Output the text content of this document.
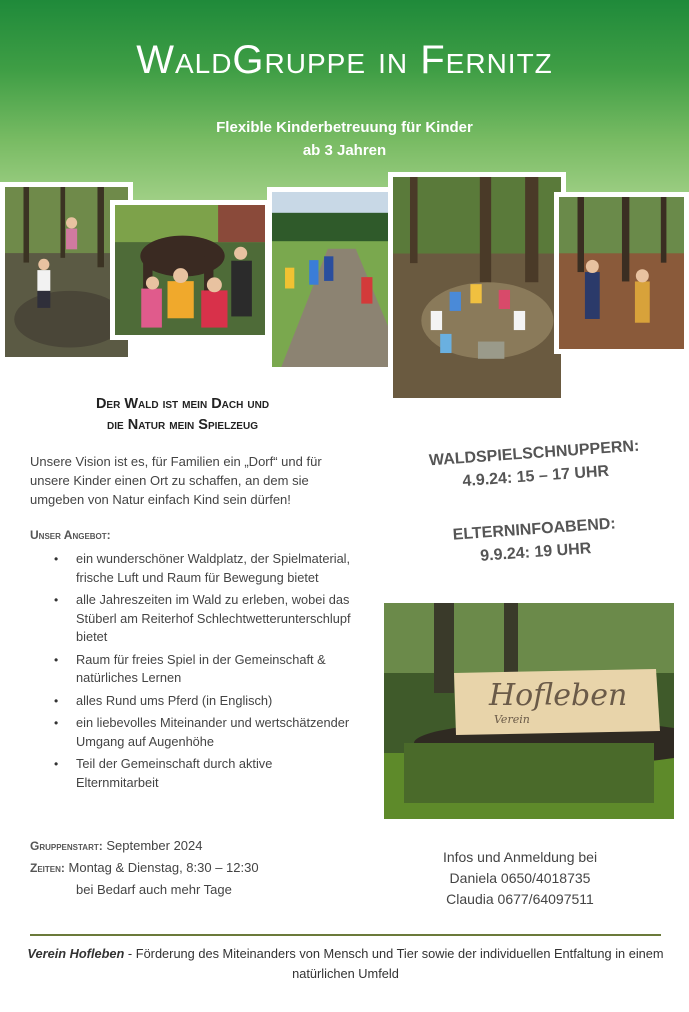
WaldGruppe in Fernitz
Flexible Kinderbetreuung für Kinder
ab 3 Jahren
Der Wald ist mein Dach und
die Natur mein Spielzeug

Unsere Vision ist es, für Familien ein „Dorf“ und für unsere Kinder einen Ort zu schaffen, an dem sie umgeben von Natur einfach Kind sein dürfen!

Unser Angebot:
• ein wunderschöner Waldplatz, der Spielmaterial, frische Luft und Raum für Bewegung bietet
• alle Jahreszeiten im Wald zu erleben, wobei das Stüberl am Reiterhof Schlechtwetterunterschlupf bietet
• Raum für freies Spiel in der Gemeinschaft & natürliches Lernen
• alles Rund ums Pferd (in Englisch)
• ein liebevolles Miteinander und wertschätzender Umgang auf Augenhöhe
• Teil der Gemeinschaft durch aktive Elternmitarbeit
Gruppenstart: September 2024
Zeiten: Montag & Dienstag, 8:30 – 12:30
bei Bedarf auch mehr Tage
WALDSPIELSCHNUPPERN:
4.9.24: 15 – 17 UHR
ELTERNINFOABEND:
9.9.24: 19 UHR
Hofleben
Verein
Infos und Anmeldung bei
Daniela 0650/4018735
Claudia 0677/64097511
Verein Hofleben - Förderung des Miteinanders von Mensch und Tier sowie der individuellen Entfaltung in einem natürlichen Umfeld
